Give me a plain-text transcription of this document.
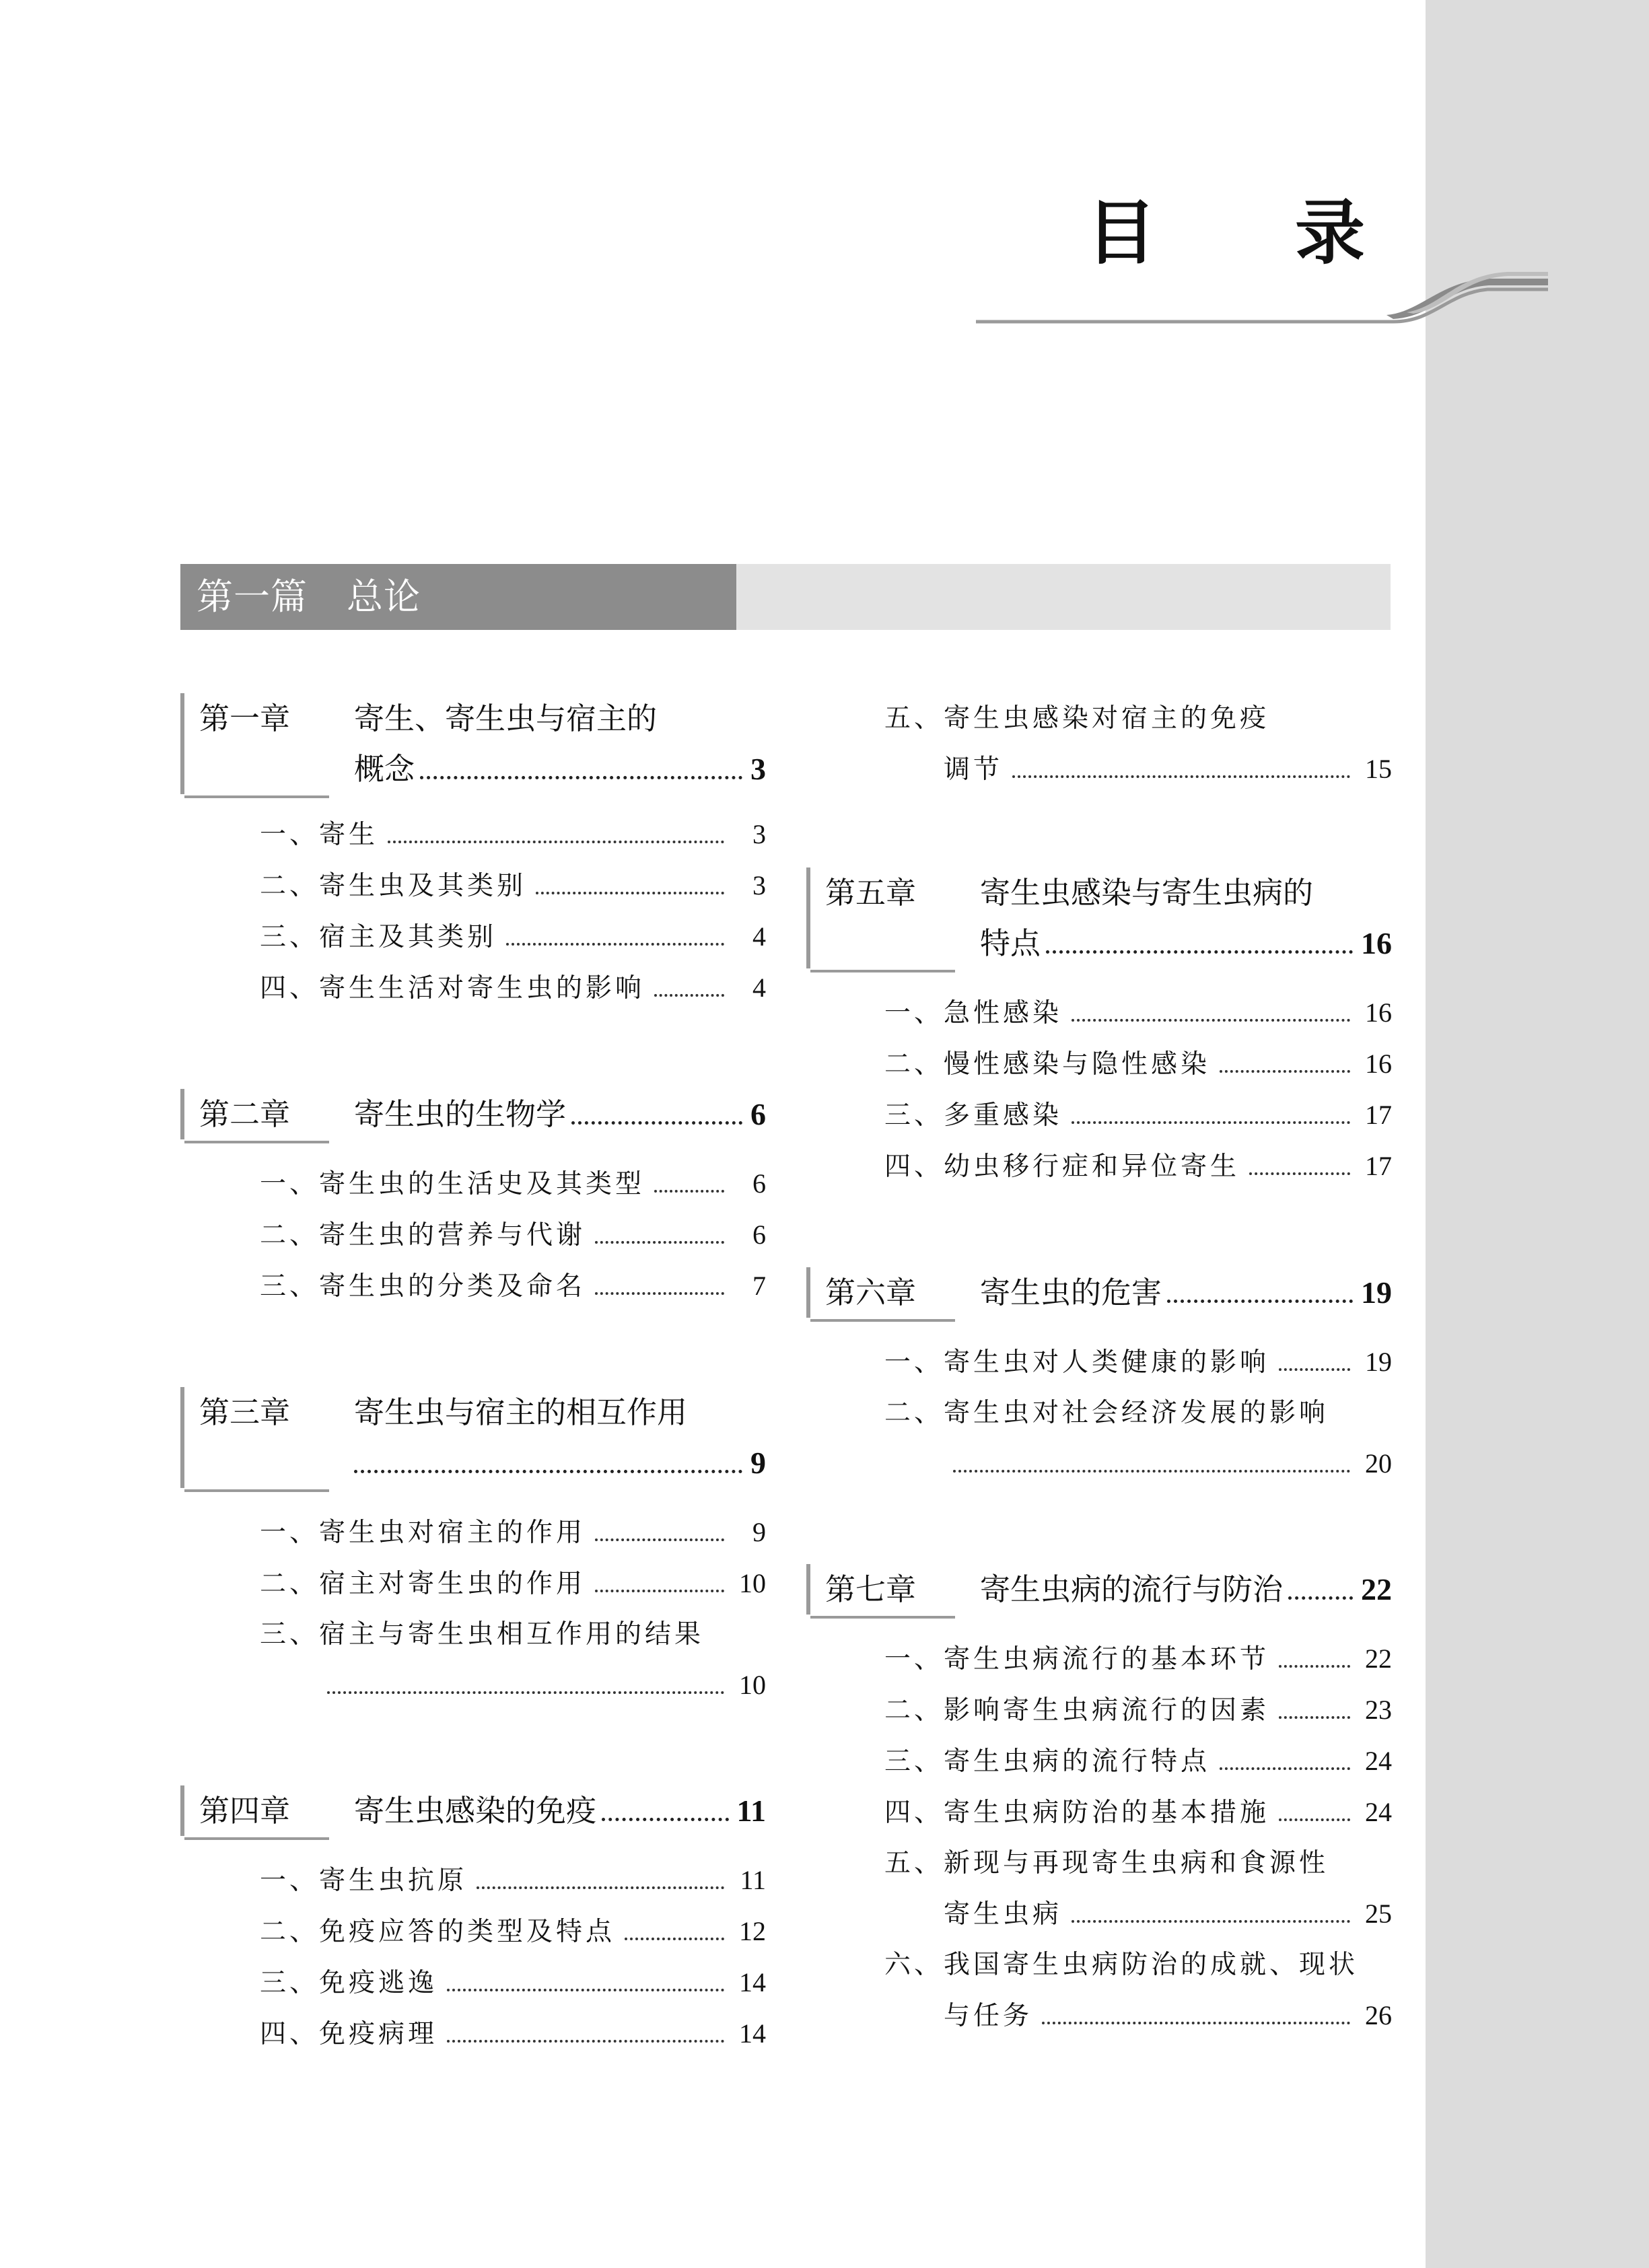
目 录
第一篇 总论
第一章	寄生、寄生虫与宿主的
概念	3
一、寄生	3
二、寄生虫及其类别	3
三、宿主及其类别	4
四、寄生生活对寄生虫的影响	4
第二章	寄生虫的生物学	6
一、寄生虫的生活史及其类型	6
二、寄生虫的营养与代谢	6
三、寄生虫的分类及命名	7
第三章	寄生虫与宿主的相互作用
9
一、寄生虫对宿主的作用	9
二、宿主对寄生虫的作用	10
三、宿主与寄生虫相互作用的结果
10
第四章	寄生虫感染的免疫	11
一、寄生虫抗原	11
二、免疫应答的类型及特点	12
三、免疫逃逸	14
四、免疫病理	14
五、寄生虫感染对宿主的免疫
调节	15
第五章	寄生虫感染与寄生虫病的
特点	16
一、急性感染	16
二、慢性感染与隐性感染	16
三、多重感染	17
四、幼虫移行症和异位寄生	17
第六章	寄生虫的危害	19
一、寄生虫对人类健康的影响	19
二、寄生虫对社会经济发展的影响
20
第七章	寄生虫病的流行与防治	22
一、寄生虫病流行的基本环节	22
二、影响寄生虫病流行的因素	23
三、寄生虫病的流行特点	24
四、寄生虫病防治的基本措施	24
五、新现与再现寄生虫病和食源性
寄生虫病	25
六、我国寄生虫病防治的成就、现状
与任务	26
